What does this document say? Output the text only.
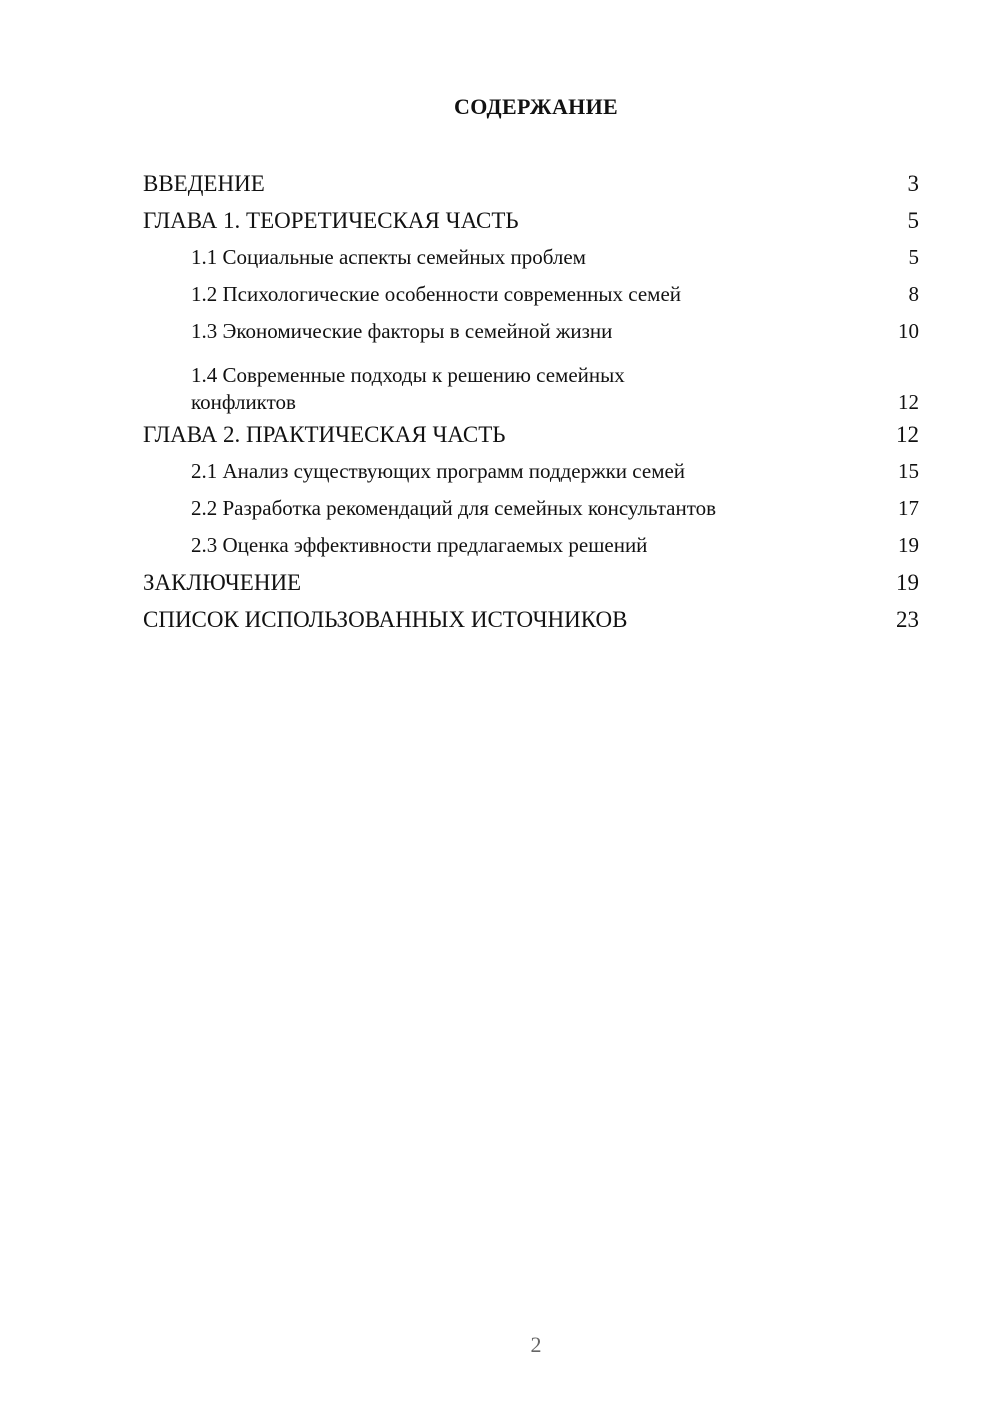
СОДЕРЖАНИЕ
ВВЕДЕНИЕ	3
ГЛАВА 1. ТЕОРЕТИЧЕСКАЯ ЧАСТЬ	5
1.1 Социальные аспекты семейных проблем	5
1.2 Психологические особенности современных семей	8
1.3 Экономические факторы в семейной жизни	10
1.4 Современные подходы к решению семейных конфликтов	12
ГЛАВА 2. ПРАКТИЧЕСКАЯ ЧАСТЬ	12
2.1 Анализ существующих программ поддержки семей	15
2.2 Разработка рекомендаций для семейных консультантов	17
2.3 Оценка эффективности предлагаемых решений	19
ЗАКЛЮЧЕНИЕ	19
СПИСОК ИСПОЛЬЗОВАННЫХ ИСТОЧНИКОВ	23
2
